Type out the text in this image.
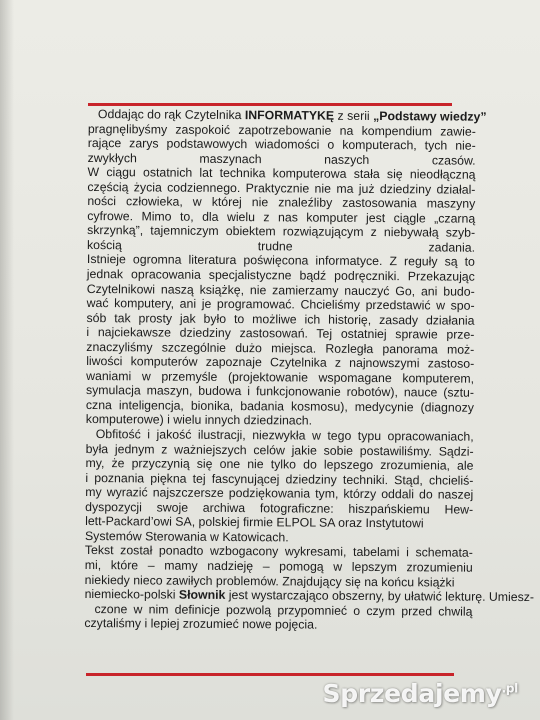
Oddając do rąk Czytelnika INFORMATYKĘ z serii „Podstawy wiedzy”
pragnęlibyśmy zaspokoić zapotrzebowanie na kompendium zawie-
rające zarys podstawowych wiadomości o komputerach, tych nie-
zwykłych maszynach naszych czasów.
W ciągu ostatnich lat technika komputerowa stała się nieodłączną
częścią życia codziennego. Praktycznie nie ma już dziedziny działal-
ności człowieka, w której nie znaleźliby zastosowania maszyny
cyfrowe. Mimo to, dla wielu z nas komputer jest ciągle „czarną
skrzynką”, tajemniczym obiektem rozwiązującym z niebywałą szyb-
kością trudne zadania.
Istnieje ogromna literatura poświęcona informatyce. Z reguły są to
jednak opracowania specjalistyczne bądź podręczniki. Przekazując
Czytelnikowi naszą książkę, nie zamierzamy nauczyć Go, ani budo-
wać komputery, ani je programować. Chcieliśmy przedstawić w spo-
sób tak prosty jak było to możliwe ich historię, zasady działania
i najciekawsze dziedziny zastosowań. Tej ostatniej sprawie prze-
znaczyliśmy szczególnie dużo miejsca. Rozległa panorama moż-
liwości komputerów zapoznaje Czytelnika z najnowszymi zastoso-
waniami w przemyśle (projektowanie wspomagane komputerem,
symulacja maszyn, budowa i funkcjonowanie robotów), nauce (sztu-
czna inteligencja, bionika, badania kosmosu), medycynie (diagnozy
komputerowe) i wielu innych dziedzinach.
Obfitość i jakość ilustracji, niezwykła w tego typu opracowaniach,
była jednym z ważniejszych celów jakie sobie postawiliśmy. Sądzi-
my, że przyczynią się one nie tylko do lepszego zrozumienia, ale
i poznania piękna tej fascynującej dziedziny techniki. Stąd, chcieliś-
my wyrazić najszczersze podziękowania tym, którzy oddali do naszej
dyspozycji swoje archiwa fotograficzne: hiszpańskiemu Hew-
lett-Packard’owi SA, polskiej firmie ELPOL SA oraz Instytutowi
Systemów Sterowania w Katowicach.
Tekst został ponadto wzbogacony wykresami, tabelami i schemata-
mi, które – mamy nadzieję – pomogą w lepszym zrozumieniu
niekiedy nieco zawiłych problemów. Znajdujący się na końcu książki
niemiecko-polski Słownik jest wystarczająco obszerny, by ułatwić lekturę. Umiesz-
czone w nim definicje pozwolą przypomnieć o czym przed chwilą
czytaliśmy i lepiej zrozumieć nowe pojęcia.
Sprzedajemy$^{.pl}$
